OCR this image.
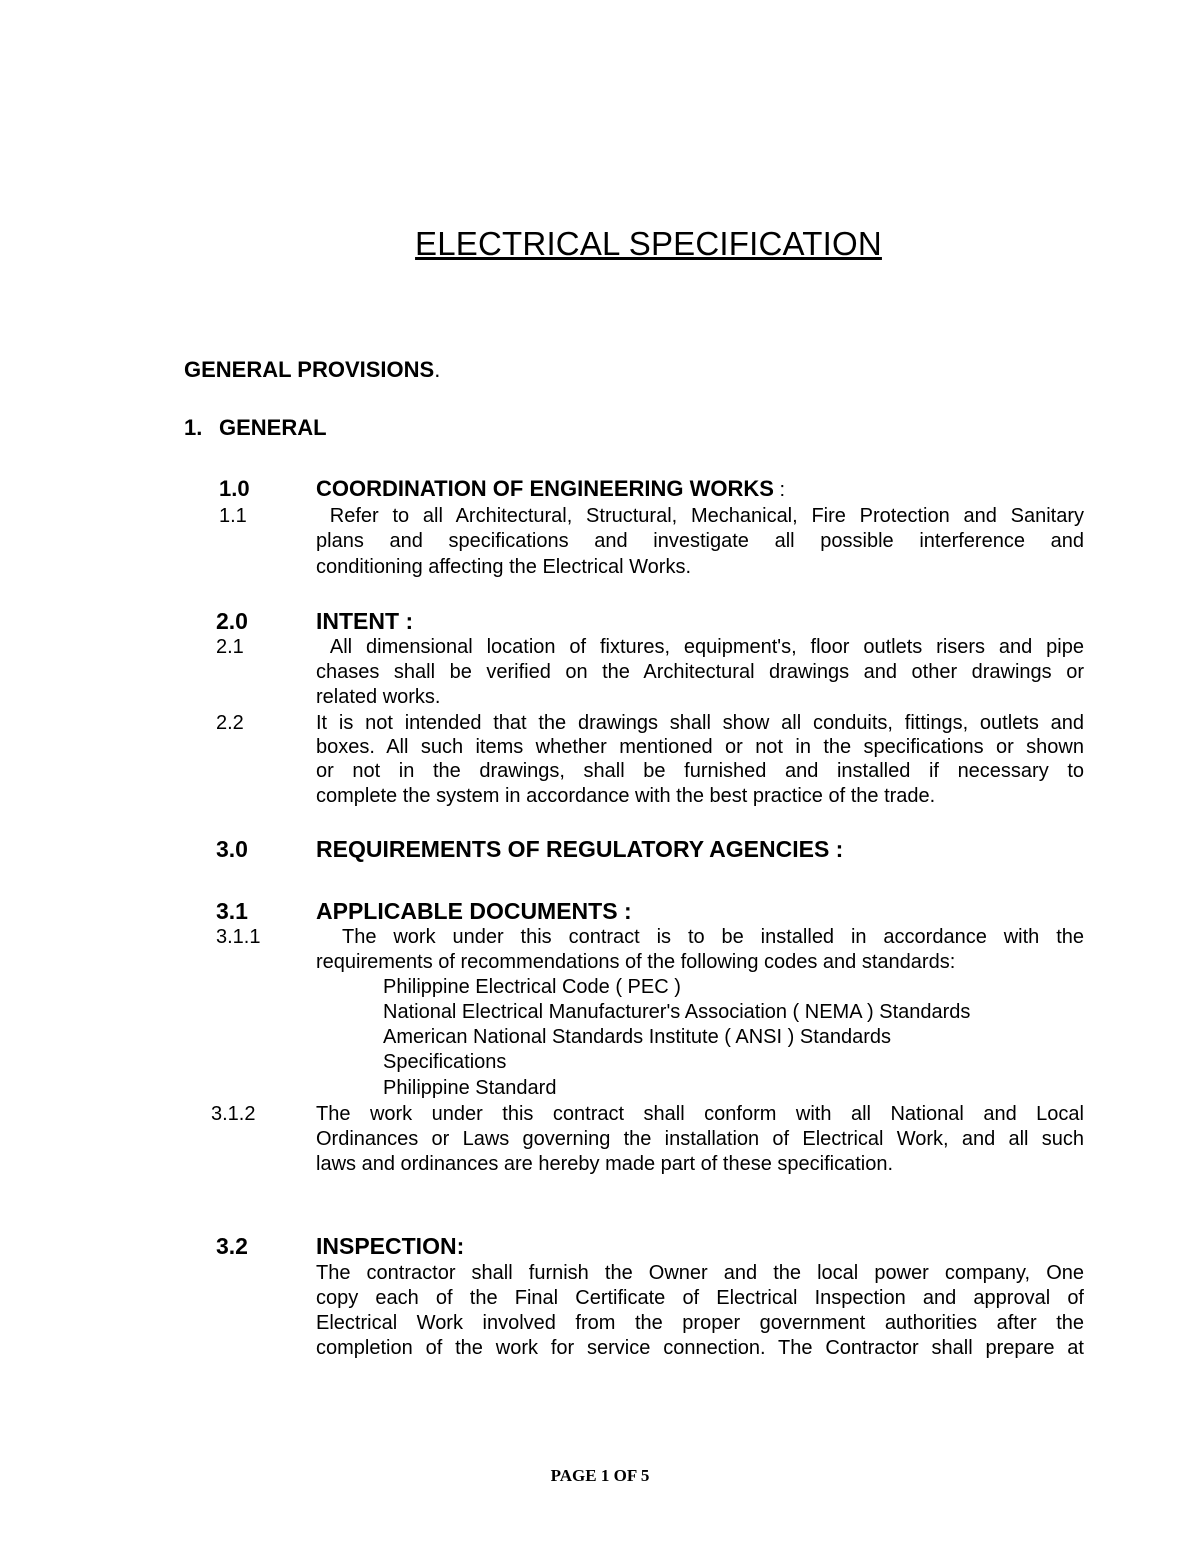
ELECTRICAL SPECIFICATION
GENERAL PROVISIONS.
1. GENERAL
1.0	COORDINATION OF ENGINEERING WORKS :
1.1	Refer to all Architectural, Structural, Mechanical, Fire Protection and Sanitary
plans and specifications and investigate all possible interference and
conditioning affecting the Electrical Works.
2.0	INTENT :
2.1	All dimensional location of fixtures, equipment's, floor outlets risers and pipe
chases shall be verified on the Architectural drawings and other drawings or
related works.
2.2	It is not intended that the drawings shall show all conduits, fittings, outlets and
boxes. All such items whether mentioned or not in the specifications or shown
or not in the drawings, shall be furnished and installed if necessary to
complete the system in accordance with the best practice of the trade.
3.0	REQUIREMENTS OF REGULATORY AGENCIES :
3.1	APPLICABLE DOCUMENTS :
3.1.1	The work under this contract is to be installed in accordance with the
requirements of recommendations of the following codes and standards:
Philippine Electrical Code ( PEC )
National Electrical Manufacturer's Association ( NEMA ) Standards
American National Standards Institute ( ANSI ) Standards
Specifications
Philippine Standard
3.1.2	The work under this contract shall conform with all National and Local
Ordinances or Laws governing the installation of Electrical Work, and all such
laws and ordinances are hereby made part of these specification.
3.2	INSPECTION:
The contractor shall furnish the Owner and the local power company, One
copy each of the Final Certificate of Electrical Inspection and approval of
Electrical Work involved from the proper government authorities after the
completion of the work for service connection. The Contractor shall prepare at
PAGE 1 OF 5
